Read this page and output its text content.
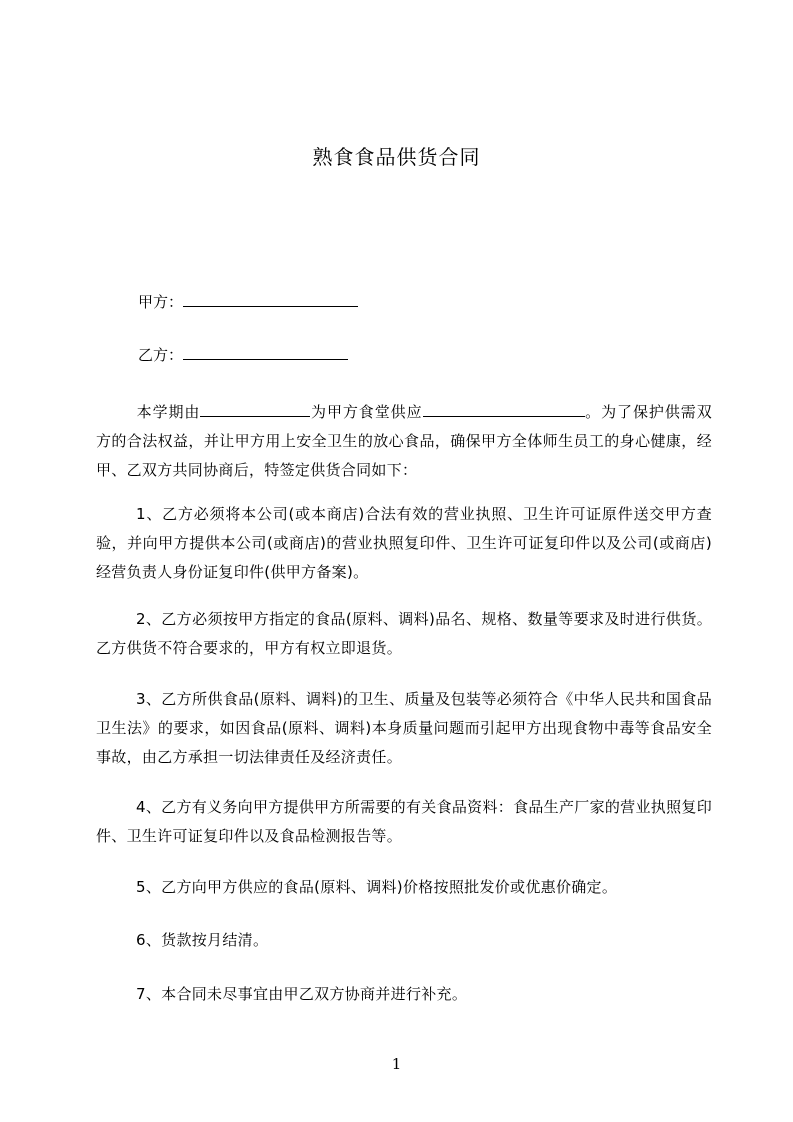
熟食食品供货合同
甲方：
乙方：
本学期由	为甲方食堂供应	。为了保护供需双方的合法权益，并让甲方用上安全卫生的放心食品，确保甲方全体师生员工的身心健康，经甲、乙双方共同协商后，特签定供货合同如下：
1、乙方必须将本公司(或本商店)合法有效的营业执照、卫生许可证原件送交甲方查验，并向甲方提供本公司(或商店)的营业执照复印件、卫生许可证复印件以及公司(或商店)经营负责人身份证复印件(供甲方备案)。
2、乙方必须按甲方指定的食品(原料、调料)品名、规格、数量等要求及时进行供货。乙方供货不符合要求的，甲方有权立即退货。
3、乙方所供食品(原料、调料)的卫生、质量及包装等必须符合《中华人民共和国食品卫生法》的要求，如因食品(原料、调料)本身质量问题而引起甲方出现食物中毒等食品安全事故，由乙方承担一切法律责任及经济责任。
4、乙方有义务向甲方提供甲方所需要的有关食品资料：食品生产厂家的营业执照复印件、卫生许可证复印件以及食品检测报告等。
5、乙方向甲方供应的食品(原料、调料)价格按照批发价或优惠价确定。
6、货款按月结清。
7、本合同未尽事宜由甲乙双方协商并进行补充。
1
